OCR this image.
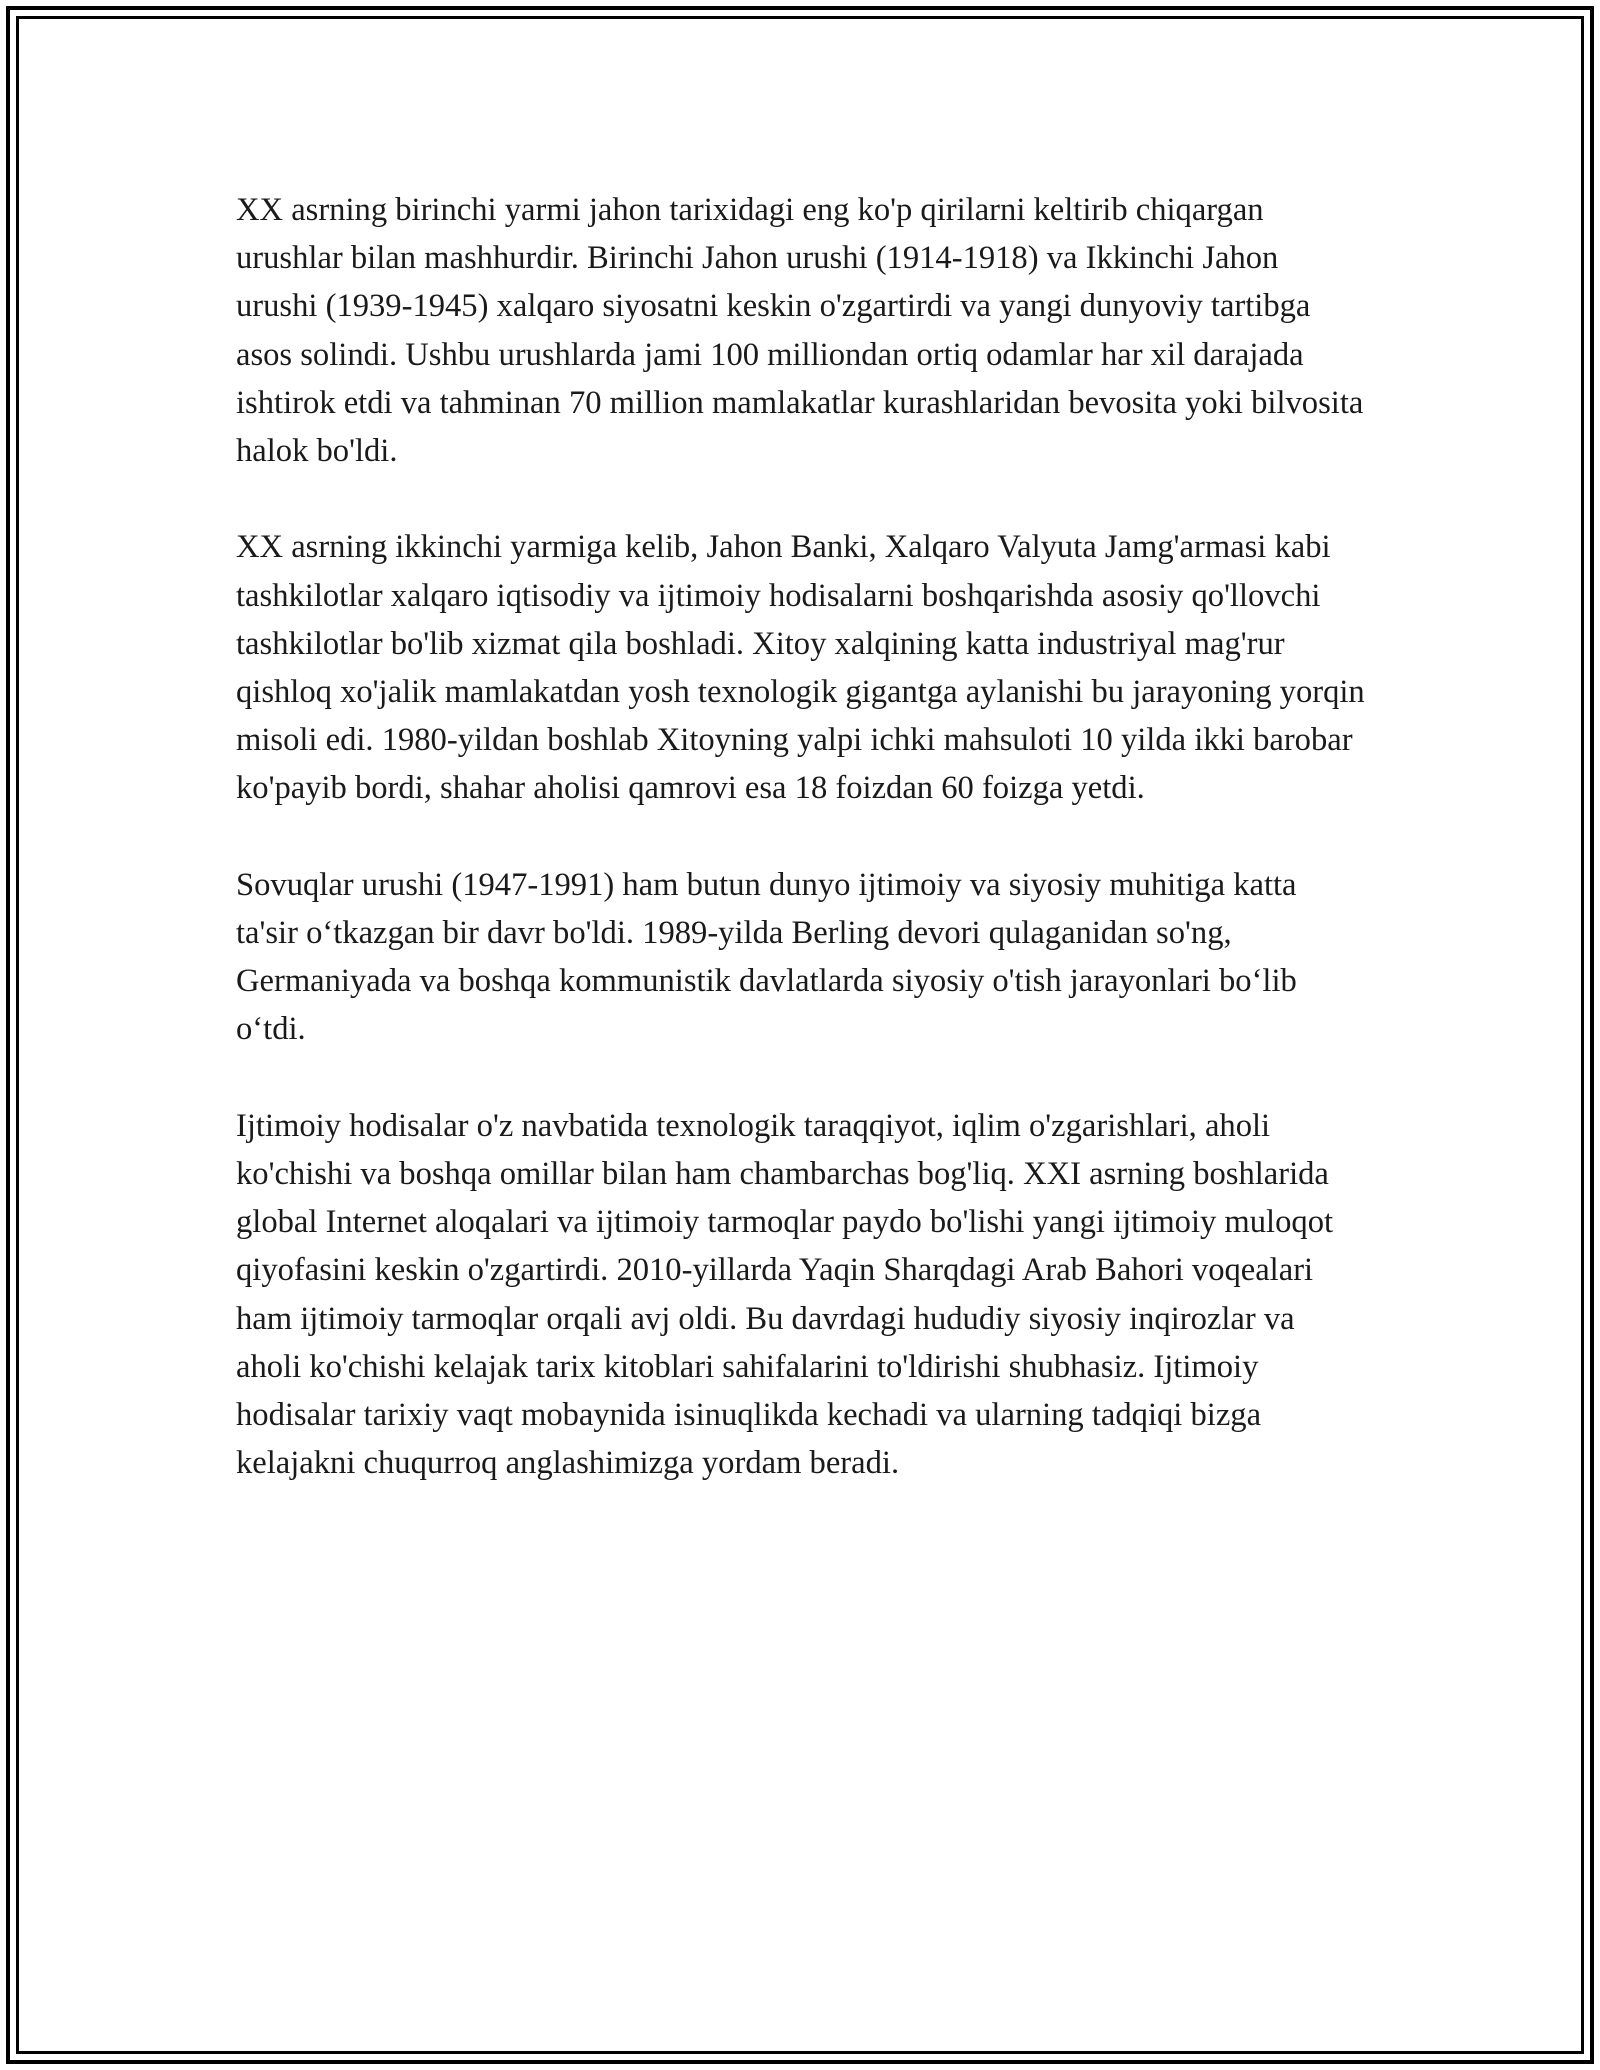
XX asrning birinchi yarmi jahon tarixidagi eng ko'p qirilarni keltirib chiqargan urushlar bilan mashhurdir. Birinchi Jahon urushi (1914-1918) va Ikkinchi Jahon urushi (1939-1945) xalqaro siyosatni keskin o'zgartirdi va yangi dunyoviy tartibga asos solindi. Ushbu urushlarda jami 100 milliondan ortiq odamlar har xil darajada ishtirok etdi va tahminan 70 million mamlakatlar kurashlaridan bevosita yoki bilvosita halok bo'ldi.

XX asrning ikkinchi yarmiga kelib, Jahon Banki, Xalqaro Valyuta Jamg'armasi kabi tashkilotlar xalqaro iqtisodiy va ijtimoiy hodisalarni boshqarishda asosiy qo'llovchi tashkilotlar bo'lib xizmat qila boshladi. Xitoy xalqining katta industriyal mag'rur qishloq xo'jalik mamlakatdan yosh texnologik gigantga aylanishi bu jarayoning yorqin misoli edi. 1980-yildan boshlab Xitoyning yalpi ichki mahsuloti 10 yilda ikki barobar ko'payib bordi, shahar aholisi qamrovi esa 18 foizdan 60 foizga yetdi.

Sovuqlar urushi (1947-1991) ham butun dunyo ijtimoiy va siyosiy muhitiga katta ta'sir o‘tkazgan bir davr bo'ldi. 1989-yilda Berling devori qulaganidan so'ng, Germaniyada va boshqa kommunistik davlatlarda siyosiy o'tish jarayonlari bo‘lib o‘tdi.

Ijtimoiy hodisalar o'z navbatida texnologik taraqqiyot, iqlim o'zgarishlari, aholi ko'chishi va boshqa omillar bilan ham chambarchas bog'liq. XXI asrning boshlarida global Internet aloqalari va ijtimoiy tarmoqlar paydo bo'lishi yangi ijtimoiy muloqot qiyofasini keskin o'zgartirdi. 2010-yillarda Yaqin Sharqdagi Arab Bahori voqealari ham ijtimoiy tarmoqlar orqali avj oldi. Bu davrdagi hududiy siyosiy inqirozlar va aholi ko'chishi kelajak tarix kitoblari sahifalarini to'ldirishi shubhasiz. Ijtimoiy hodisalar tarixiy vaqt mobaynida isinuqlikda kechadi va ularning tadqiqi bizga kelajakni chuqurroq anglashimizga yordam beradi.
